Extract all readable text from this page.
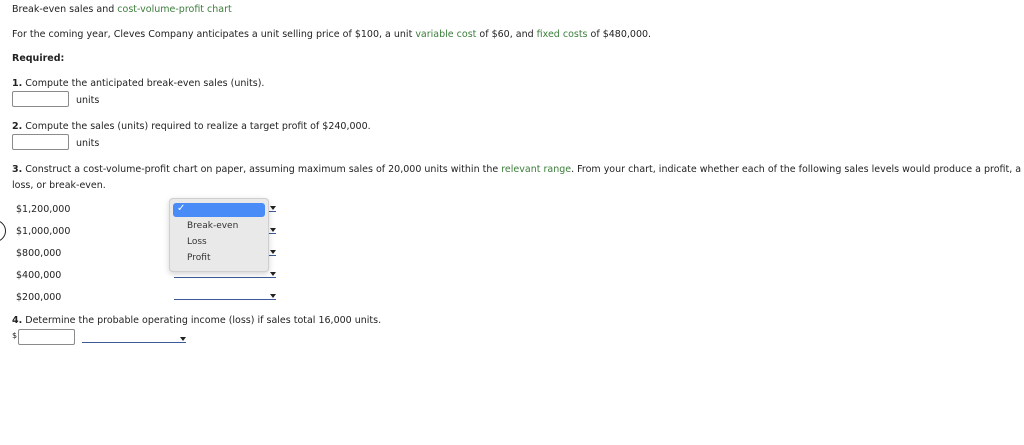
Break-even sales and cost-volume-profit chart
For the coming year, Cleves Company anticipates a unit selling price of $100, a unit variable cost of $60, and fixed costs of $480,000.
Required:
1. Compute the anticipated break-even sales (units).
units
2. Compute the sales (units) required to realize a target profit of $240,000.
units
3. Construct a cost-volume-profit chart on paper, assuming maximum sales of 20,000 units within the relevant range. From your chart, indicate whether each of the following sales levels would produce a profit, a
loss, or break-even.
$1,200,000
$1,000,000
$800,000
$400,000
$200,000
✓
Break-even
Loss
Profit
4. Determine the probable operating income (loss) if sales total 16,000 units.
$
